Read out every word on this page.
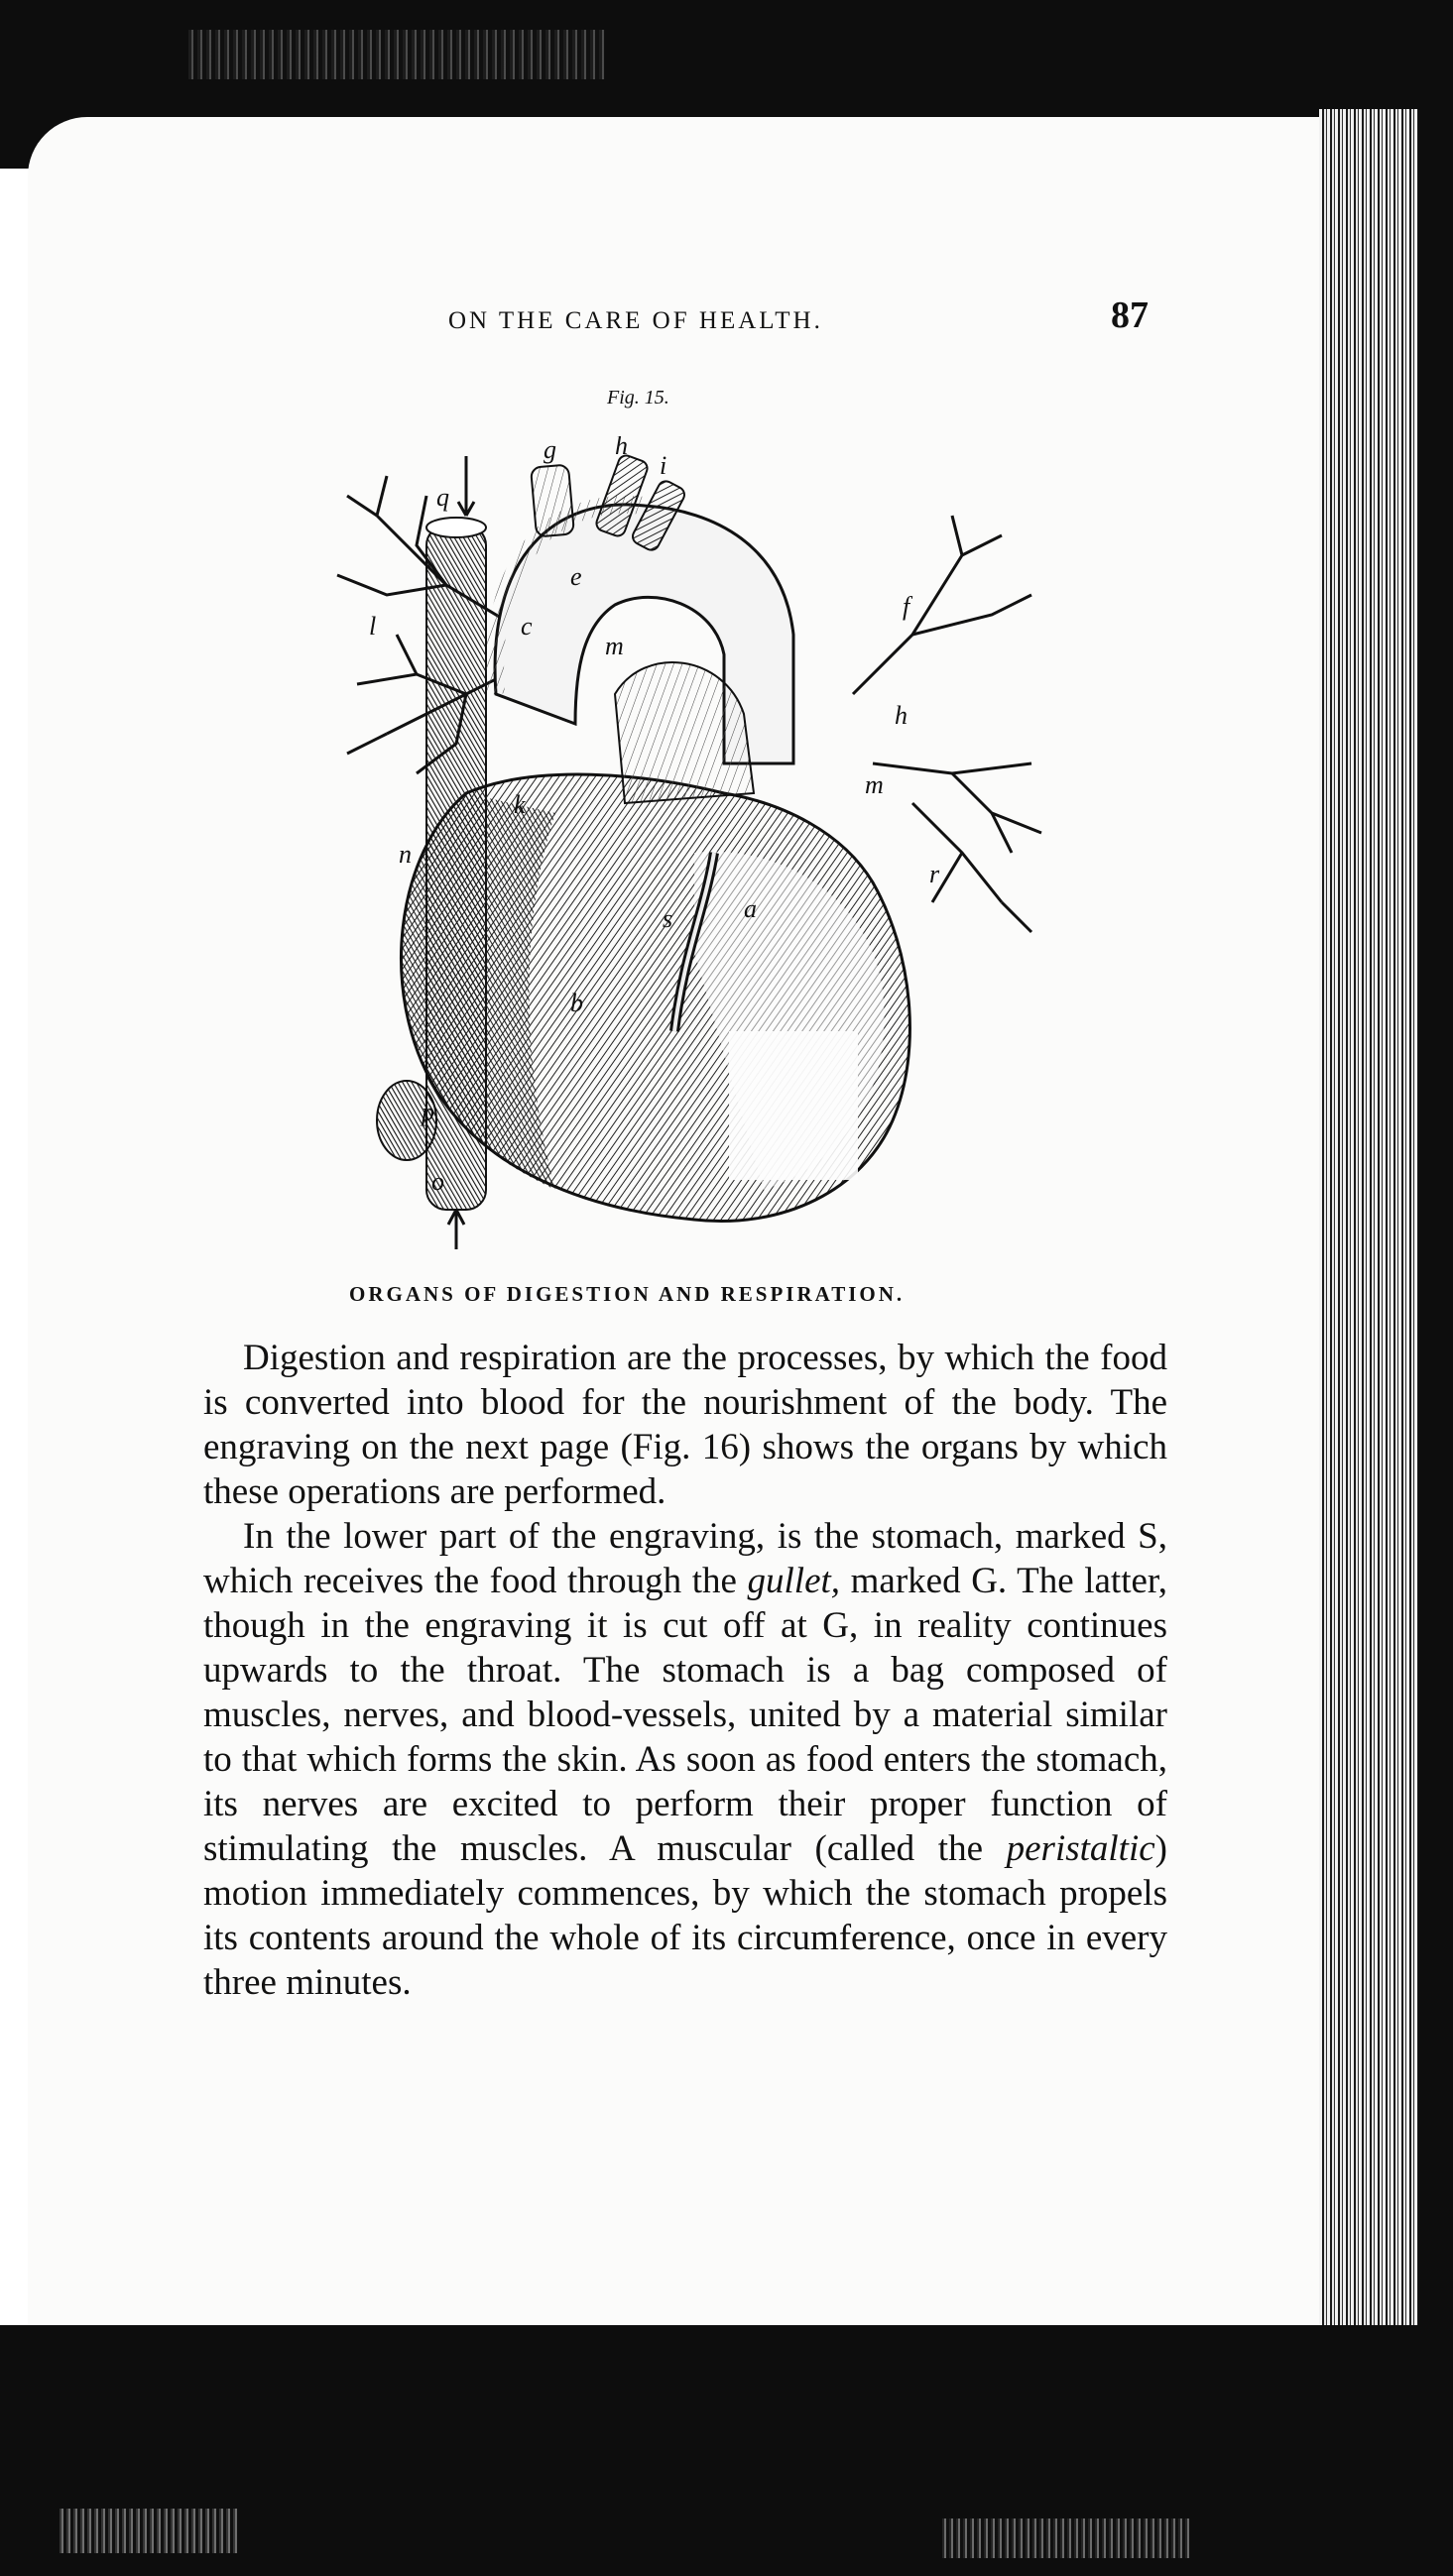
ON THE CARE OF HEALTH.	87
Fig. 15.
g h
i
q
e
f
l	c
m
h
k
m
n
r
s	a
b
p
o
ORGANS OF DIGESTION AND RESPIRATION.

Digestion and respiration are the processes, by which the food is converted into blood for the nourishment of the body. The engraving on the next page (Fig. 16) shows the organs by which these operations are performed.

In the lower part of the engraving, is the stomach, marked S, which receives the food through the gullet, marked G. The latter, though in the engraving it is cut off at G, in reality continues upwards to the throat. The stomach is a bag composed of muscles, nerves, and blood-vessels, united by a material similar to that which forms the skin. As soon as food enters the stomach, its nerves are excited to perform their proper function of stimulating the muscles. A muscular (called the peristaltic) motion immediately commences, by which the stomach propels its contents around the whole of its circumference, once in every three minutes.
